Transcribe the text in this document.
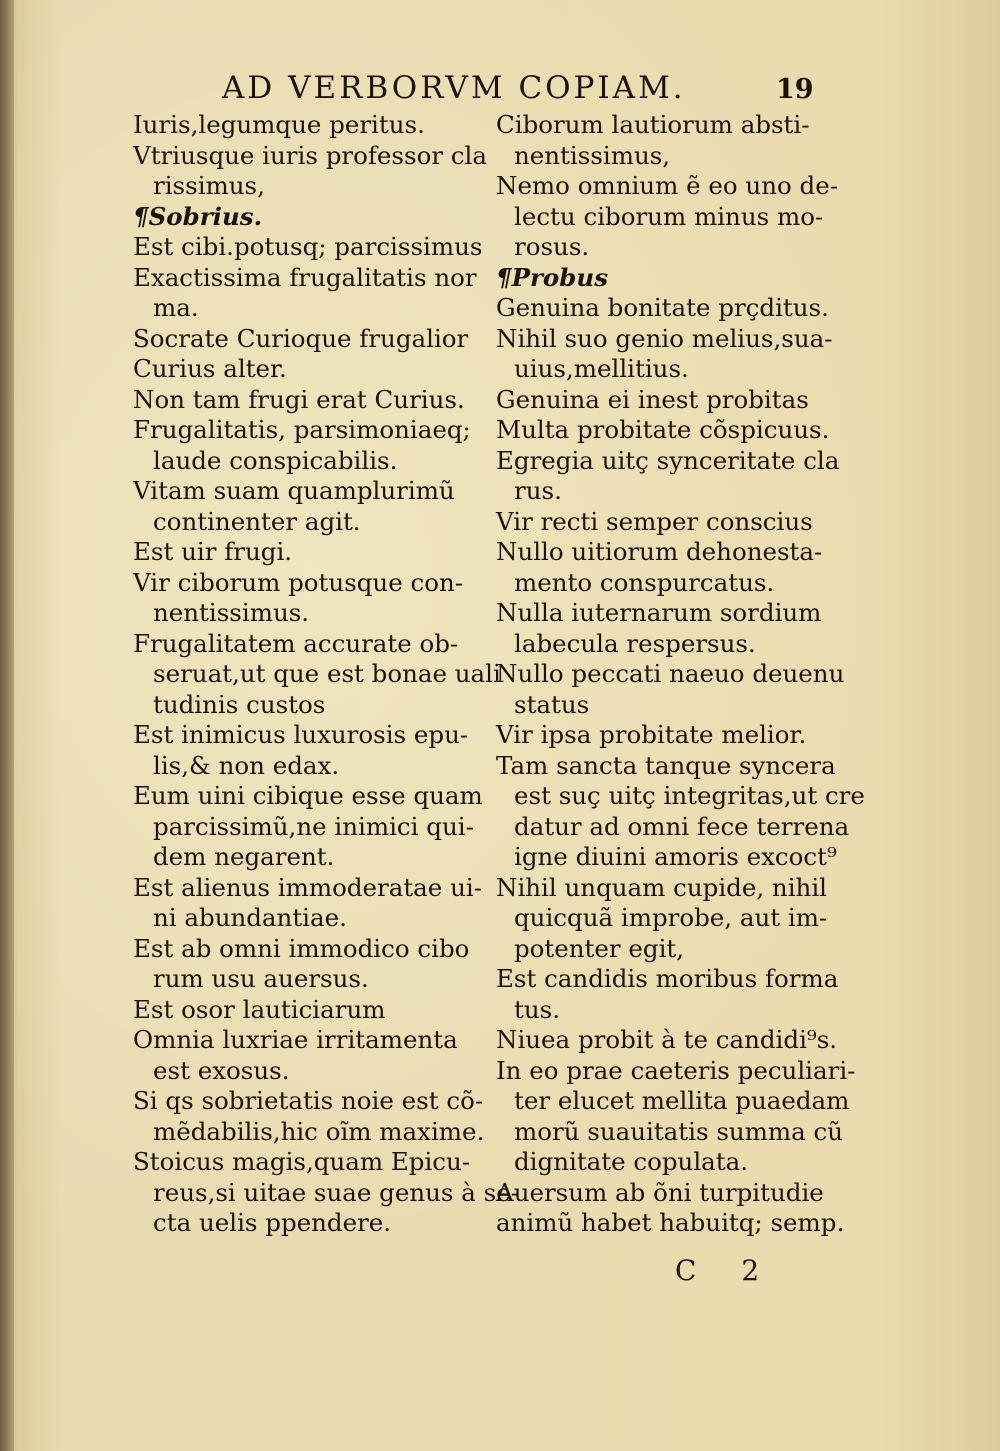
AD VERBORVM COPIAM.	19
Iuris,legumque peritus.
Vtriusque iuris professor cla
rissimus,
¶Sobrius.
Est cibi.potusq; parcissimus
Exactissima frugalitatis nor
ma.
Socrate Curioque frugalior
Curius alter.
Non tam frugi erat Curius.
Frugalitatis, parsimoniaeq;
laude conspicabilis.
Vitam suam quamplurimũ
continenter agit.
Est uir frugi.
Vir ciborum potusque con-
nentissimus.
Frugalitatem accurate ob-
seruat,ut que est bonae uali
tudinis custos
Est inimicus luxurosis epu-
lis,& non edax.
Eum uini cibique esse quam
parcissimũ,ne inimici qui-
dem negarent.
Est alienus immoderatae ui-
ni abundantiae.
Est ab omni immodico cibo
rum usu auersus.
Est osor lauticiarum
Omnia luxriae irritamenta
est exosus.
Si qs sobrietatis noie est cõ-
mẽdabilis,hic oĩm maxime.
Stoicus magis,quam Epicu-
reus,si uitae suae genus à se-
cta uelis ppendere.
Ciborum lautiorum absti-
nentissimus,
Nemo omnium ẽ eo uno de-
lectu ciborum minus mo-
rosus.
¶Probus
Genuina bonitate prçditus.
Nihil suo genio melius,sua-
uius,mellitius.
Genuina ei inest probitas
Multa probitate cõspicuus.
Egregia uitç synceritate cla
rus.
Vir recti semper conscius
Nullo uitiorum dehonesta-
mento conspurcatus.
Nulla iuternarum sordium
labecula respersus.
Nullo peccati naeuo deuenu
status
Vir ipsa probitate melior.
Tam sancta tanque syncera
est suç uitç integritas,ut cre
datur ad omni fece terrena
igne diuini amoris excoct⁹
Nihil unquam cupide, nihil
quicquã improbe, aut im-
potenter egit,
Est candidis moribus forma
tus.
Niuea probit à te candidi⁹s.
In eo prae caeteris peculiari-
ter elucet mellita puaedam
morũ suauitatis summa cũ
dignitate copulata.
Auersum ab õni turpitudie
animũ habet habuitq; semp.
C 2
